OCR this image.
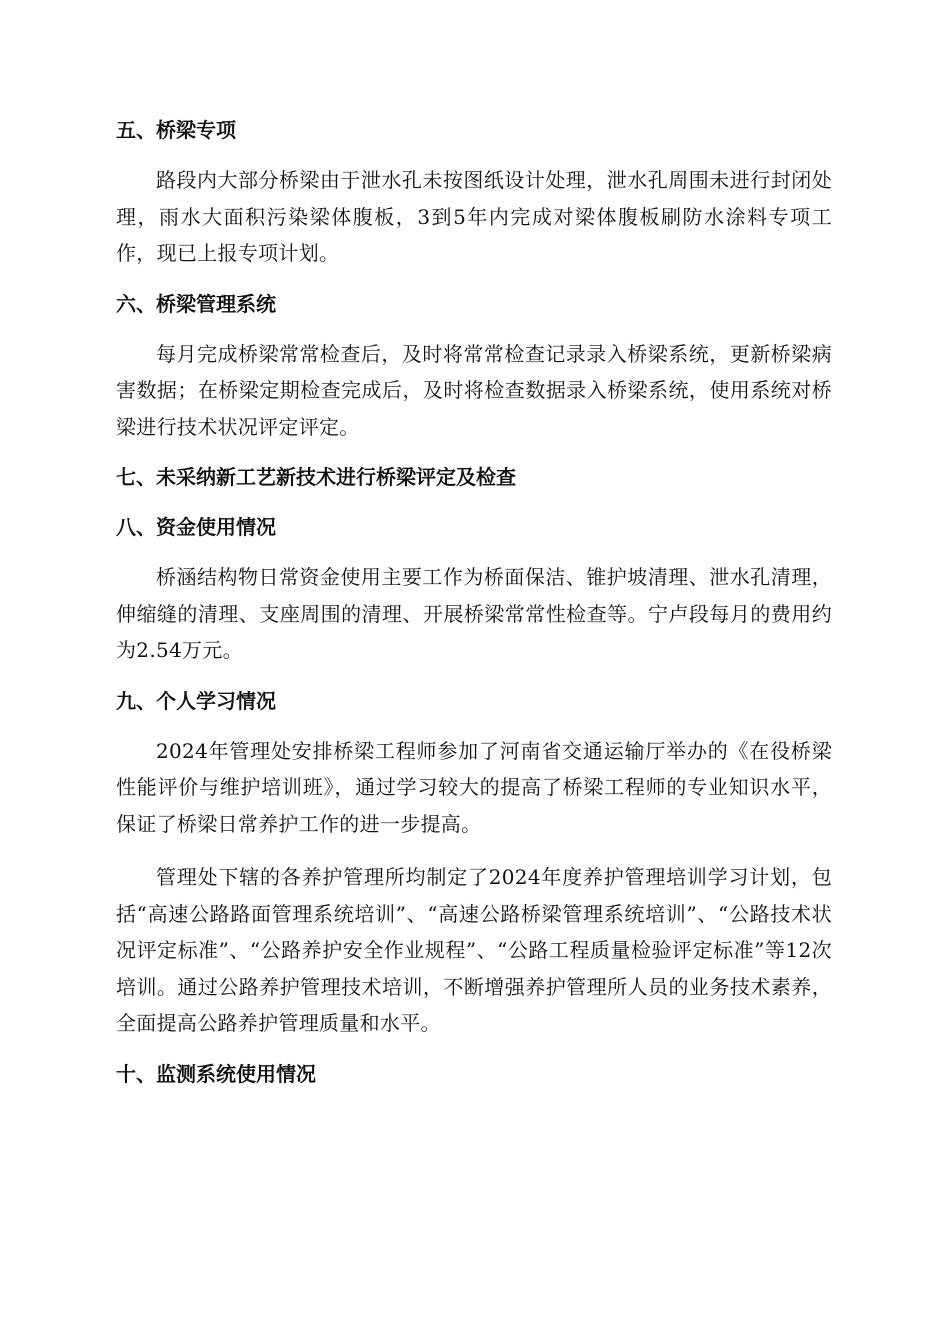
五、桥梁专项

路段内大部分桥梁由于泄水孔未按图纸设计处理，泄水孔周围未进行封闭处理，雨水大面积污染梁体腹板，3到5年内完成对梁体腹板刷防水涂料专项工作，现已上报专项计划。

六、桥梁管理系统

每月完成桥梁常常检查后，及时将常常检查记录录入桥梁系统，更新桥梁病害数据；在桥梁定期检查完成后，及时将检查数据录入桥梁系统，使用系统对桥梁进行技术状况评定评定。

七、未采纳新工艺新技术进行桥梁评定及检查
八、资金使用情况

桥涵结构物日常资金使用主要工作为桥面保洁、锥护坡清理、泄水孔清理，伸缩缝的清理、支座周围的清理、开展桥梁常常性检查等。宁卢段每月的费用约为2.54万元。

九、个人学习情况

2024年管理处安排桥梁工程师参加了河南省交通运输厅举办的《在役桥梁性能评价与维护培训班》，通过学习较大的提高了桥梁工程师的专业知识水平，保证了桥梁日常养护工作的进一步提高。

管理处下辖的各养护管理所均制定了2024年度养护管理培训学习计划，包括“高速公路路面管理系统培训”、“高速公路桥梁管理系统培训”、“公路技术状况评定标准”、“公路养护安全作业规程”、“公路工程质量检验评定标准”等12次培训。通过公路养护管理技术培训，不断增强养护管理所人员的业务技术素养，全面提高公路养护管理质量和水平。

十、监测系统使用情况
